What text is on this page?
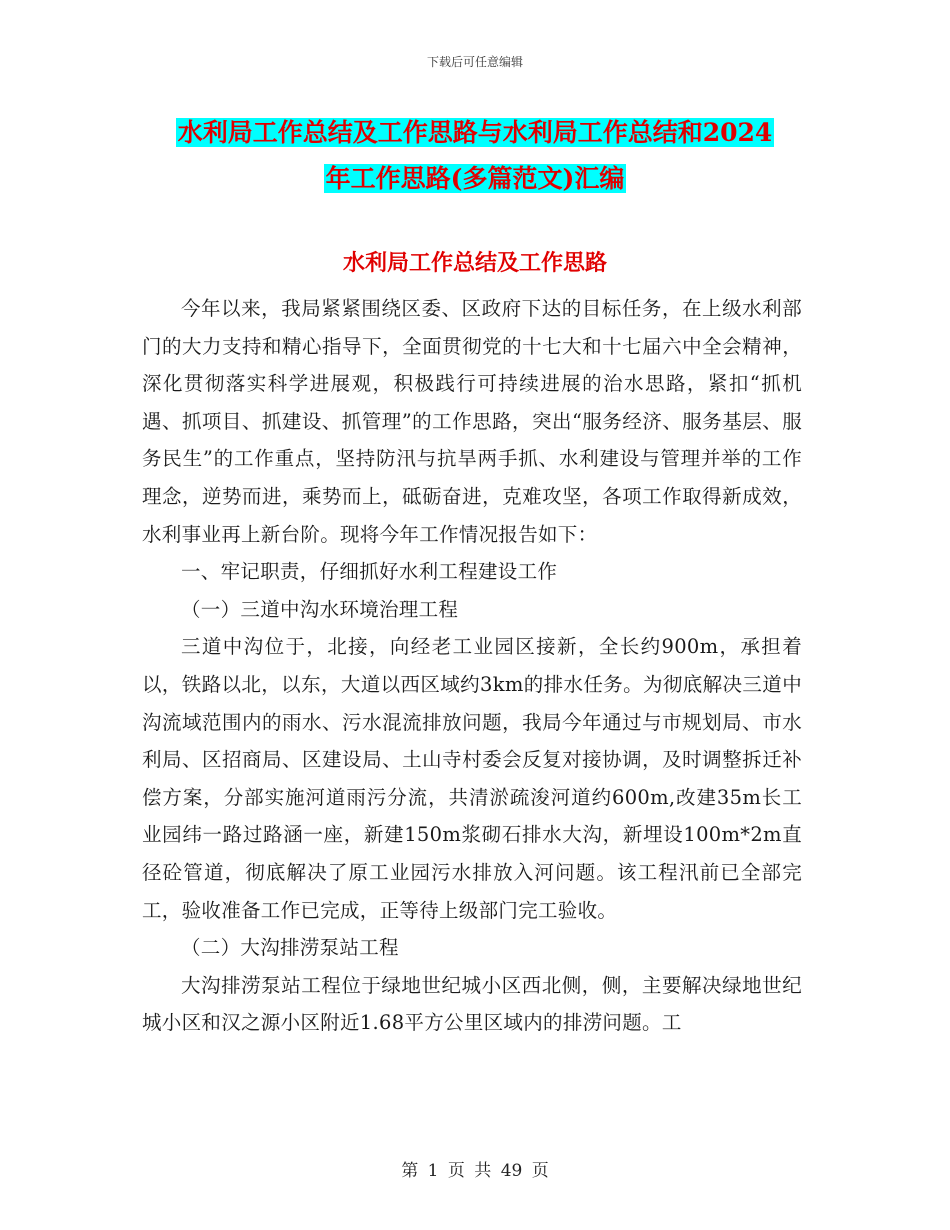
下载后可任意编辑
水利局工作总结及工作思路与水利局工作总结和2024
年工作思路(多篇范文)汇编
水利局工作总结及工作思路

今年以来，我局紧紧围绕区委、区政府下达的目标任务，在上级水利部门的大力支持和精心指导下，全面贯彻党的十七大和十七届六中全会精神，深化贯彻落实科学进展观，积极践行可持续进展的治水思路，紧扣“抓机遇、抓项目、抓建设、抓管理”的工作思路，突出“服务经济、服务基层、服务民生”的工作重点，坚持防汛与抗旱两手抓、水利建设与管理并举的工作理念，逆势而进，乘势而上，砥砺奋进，克难攻坚，各项工作取得新成效，水利事业再上新台阶。现将今年工作情况报告如下：

一、牢记职责，仔细抓好水利工程建设工作

（一）三道中沟水环境治理工程

三道中沟位于，北接，向经老工业园区接新，全长约900m，承担着以，铁路以北，以东，大道以西区域约3km的排水任务。为彻底解决三道中沟流域范围内的雨水、污水混流排放问题，我局今年通过与市规划局、市水利局、区招商局、区建设局、土山寺村委会反复对接协调，及时调整拆迁补偿方案，分部实施河道雨污分流，共清淤疏浚河道约600m,改建35m长工业园纬一路过路涵一座，新建150m浆砌石排水大沟，新埋设100m*2m直径砼管道，彻底解决了原工业园污水排放入河问题。该工程汛前已全部完工，验收准备工作已完成，正等待上级部门完工验收。

（二）大沟排涝泵站工程

大沟排涝泵站工程位于绿地世纪城小区西北侧，侧，主要解决绿地世纪城小区和汉之源小区附近1.68平方公里区域内的排涝问题。工

第 1 页 共 49 页
